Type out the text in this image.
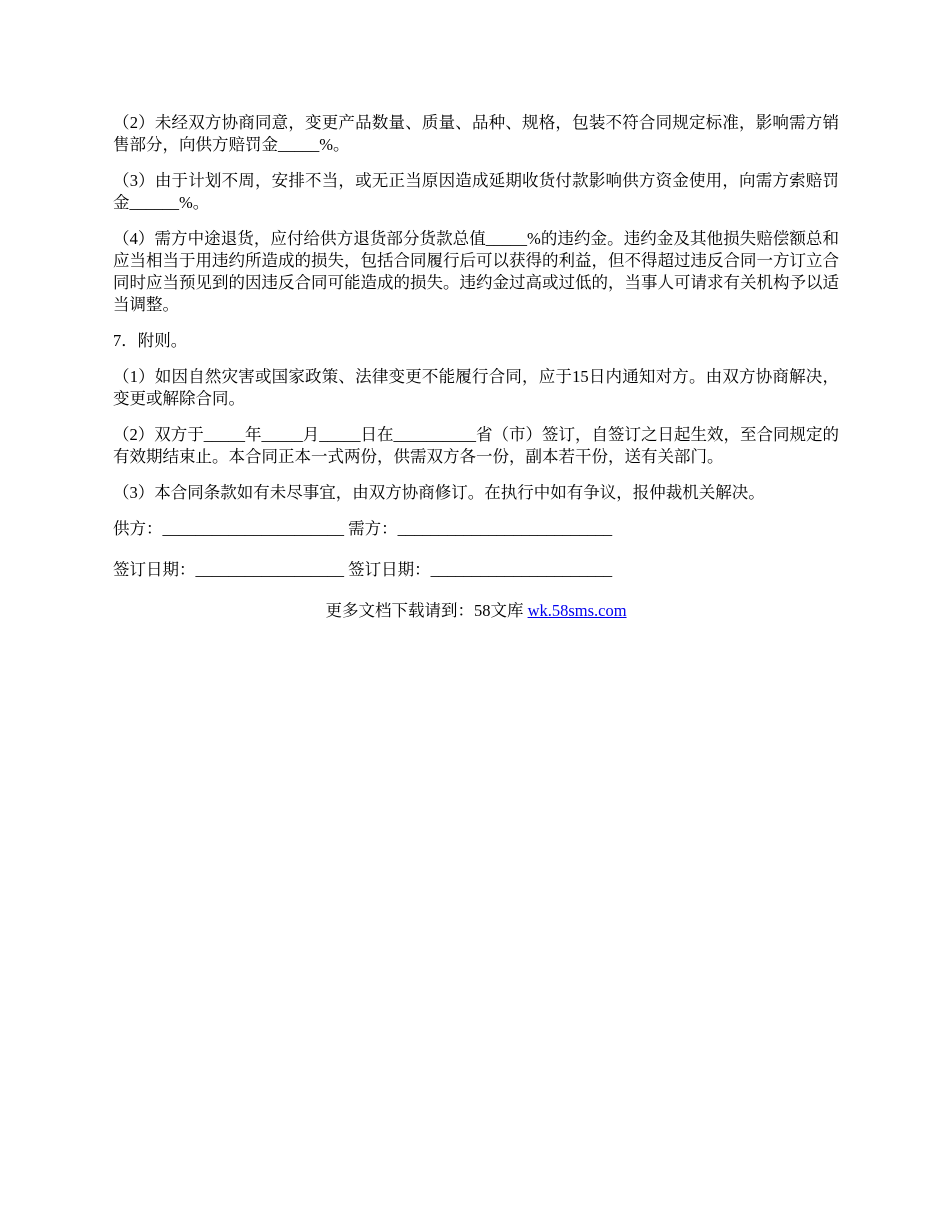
（2）未经双方协商同意，变更产品数量、质量、品种、规格，包装不符合同规定标准，影响需方销售部分，向供方赔罚金_____%。

（3）由于计划不周，安排不当，或无正当原因造成延期收货付款影响供方资金使用，向需方索赔罚金______%。

（4）需方中途退货，应付给供方退货部分货款总值_____%的违约金。违约金及其他损失赔偿额总和应当相当于用违约所造成的损失，包括合同履行后可以获得的利益，但不得超过违反合同一方订立合同时应当预见到的因违反合同可能造成的损失。违约金过高或过低的，当事人可请求有关机构予以适当调整。

7．附则。

（1）如因自然灾害或国家政策、法律变更不能履行合同，应于15日内通知对方。由双方协商解决，变更或解除合同。

（2）双方于_____年_____月_____日在__________省（市）签订，自签订之日起生效，至合同规定的有效期结束止。本合同正本一式两份，供需双方各一份，副本若干份，送有关部门。

（3）本合同条款如有未尽事宜，由双方协商修订。在执行中如有争议，报仲裁机关解决。

供方：______________________ 需方：__________________________
签订日期：__________________ 签订日期：______________________
更多文档下载请到：58文库 wk.58sms.com
